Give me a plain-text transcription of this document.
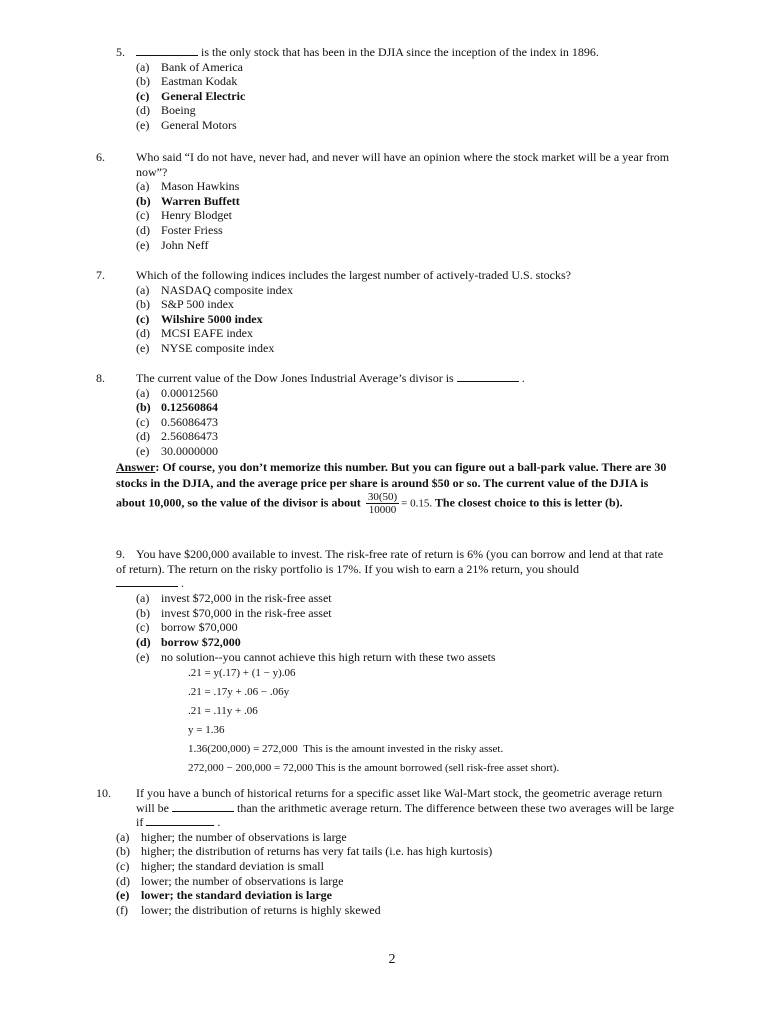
5.	is the only stock that has been in the DJIA since the inception of the index in 1896.
(a) Bank of America
(b) Eastman Kodak
(c) General Electric
(d) Boeing
(e) General Motors
6.	Who said “I do not have, never had, and never will have an opinion where the stock market will be a year from now”?
(a) Mason Hawkins
(b) Warren Buffett
(c) Henry Blodget
(d) Foster Friess
(e) John Neff
7.	Which of the following indices includes the largest number of actively-traded U.S. stocks?
(a) NASDAQ composite index
(b) S&P 500 index
(c) Wilshire 5000 index
(d) MCSI EAFE index
(e) NYSE composite index
8.	The current value of the Dow Jones Industrial Average’s divisor is	.
(a) 0.00012560
(b) 0.12560864
(c) 0.56086473
(d) 2.56086473
(e) 30.0000000
Answer: Of course, you don’t memorize this number. But you can figure out a ball-park value. There are 30 stocks in the DJIA, and the average price per share is around $50 or so. The current value of the DJIA is about 10,000, so the value of the divisor is about $\frac{30(50)}{10000} = 0.15$. The closest choice to this is letter (b).
9. You have $200,000 available to invest. The risk-free rate of return is 6% (you can borrow and lend at that rate of return). The return on the risky portfolio is 17%. If you wish to earn a 21% return, you should
.
(a) invest $72,000 in the risk-free asset
(b) invest $70,000 in the risk-free asset
(c) borrow $70,000
(d) borrow $72,000
(e) no solution--you cannot achieve this high return with these two assets
.21 = y(.17) + (1 − y).06
.21 = .17y + .06 − .06y
.21 = .11y + .06
y = 1.36
1.36(200,000) = 272,000 This is the amount invested in the risky asset.
272,000 − 200,000 = 72,000 This is the amount borrowed (sell risk-free asset short).
10. If you have a bunch of historical returns for a specific asset like Wal-Mart stock, the geometric average return will be	than the arithmetic average return. The difference between these two averages will be large if	.
(a) higher; the number of observations is large
(b) higher; the distribution of returns has very fat tails (i.e. has high kurtosis)
(c) higher; the standard deviation is small
(d) lower; the number of observations is large
(e) lower; the standard deviation is large
(f) lower; the distribution of returns is highly skewed
2
